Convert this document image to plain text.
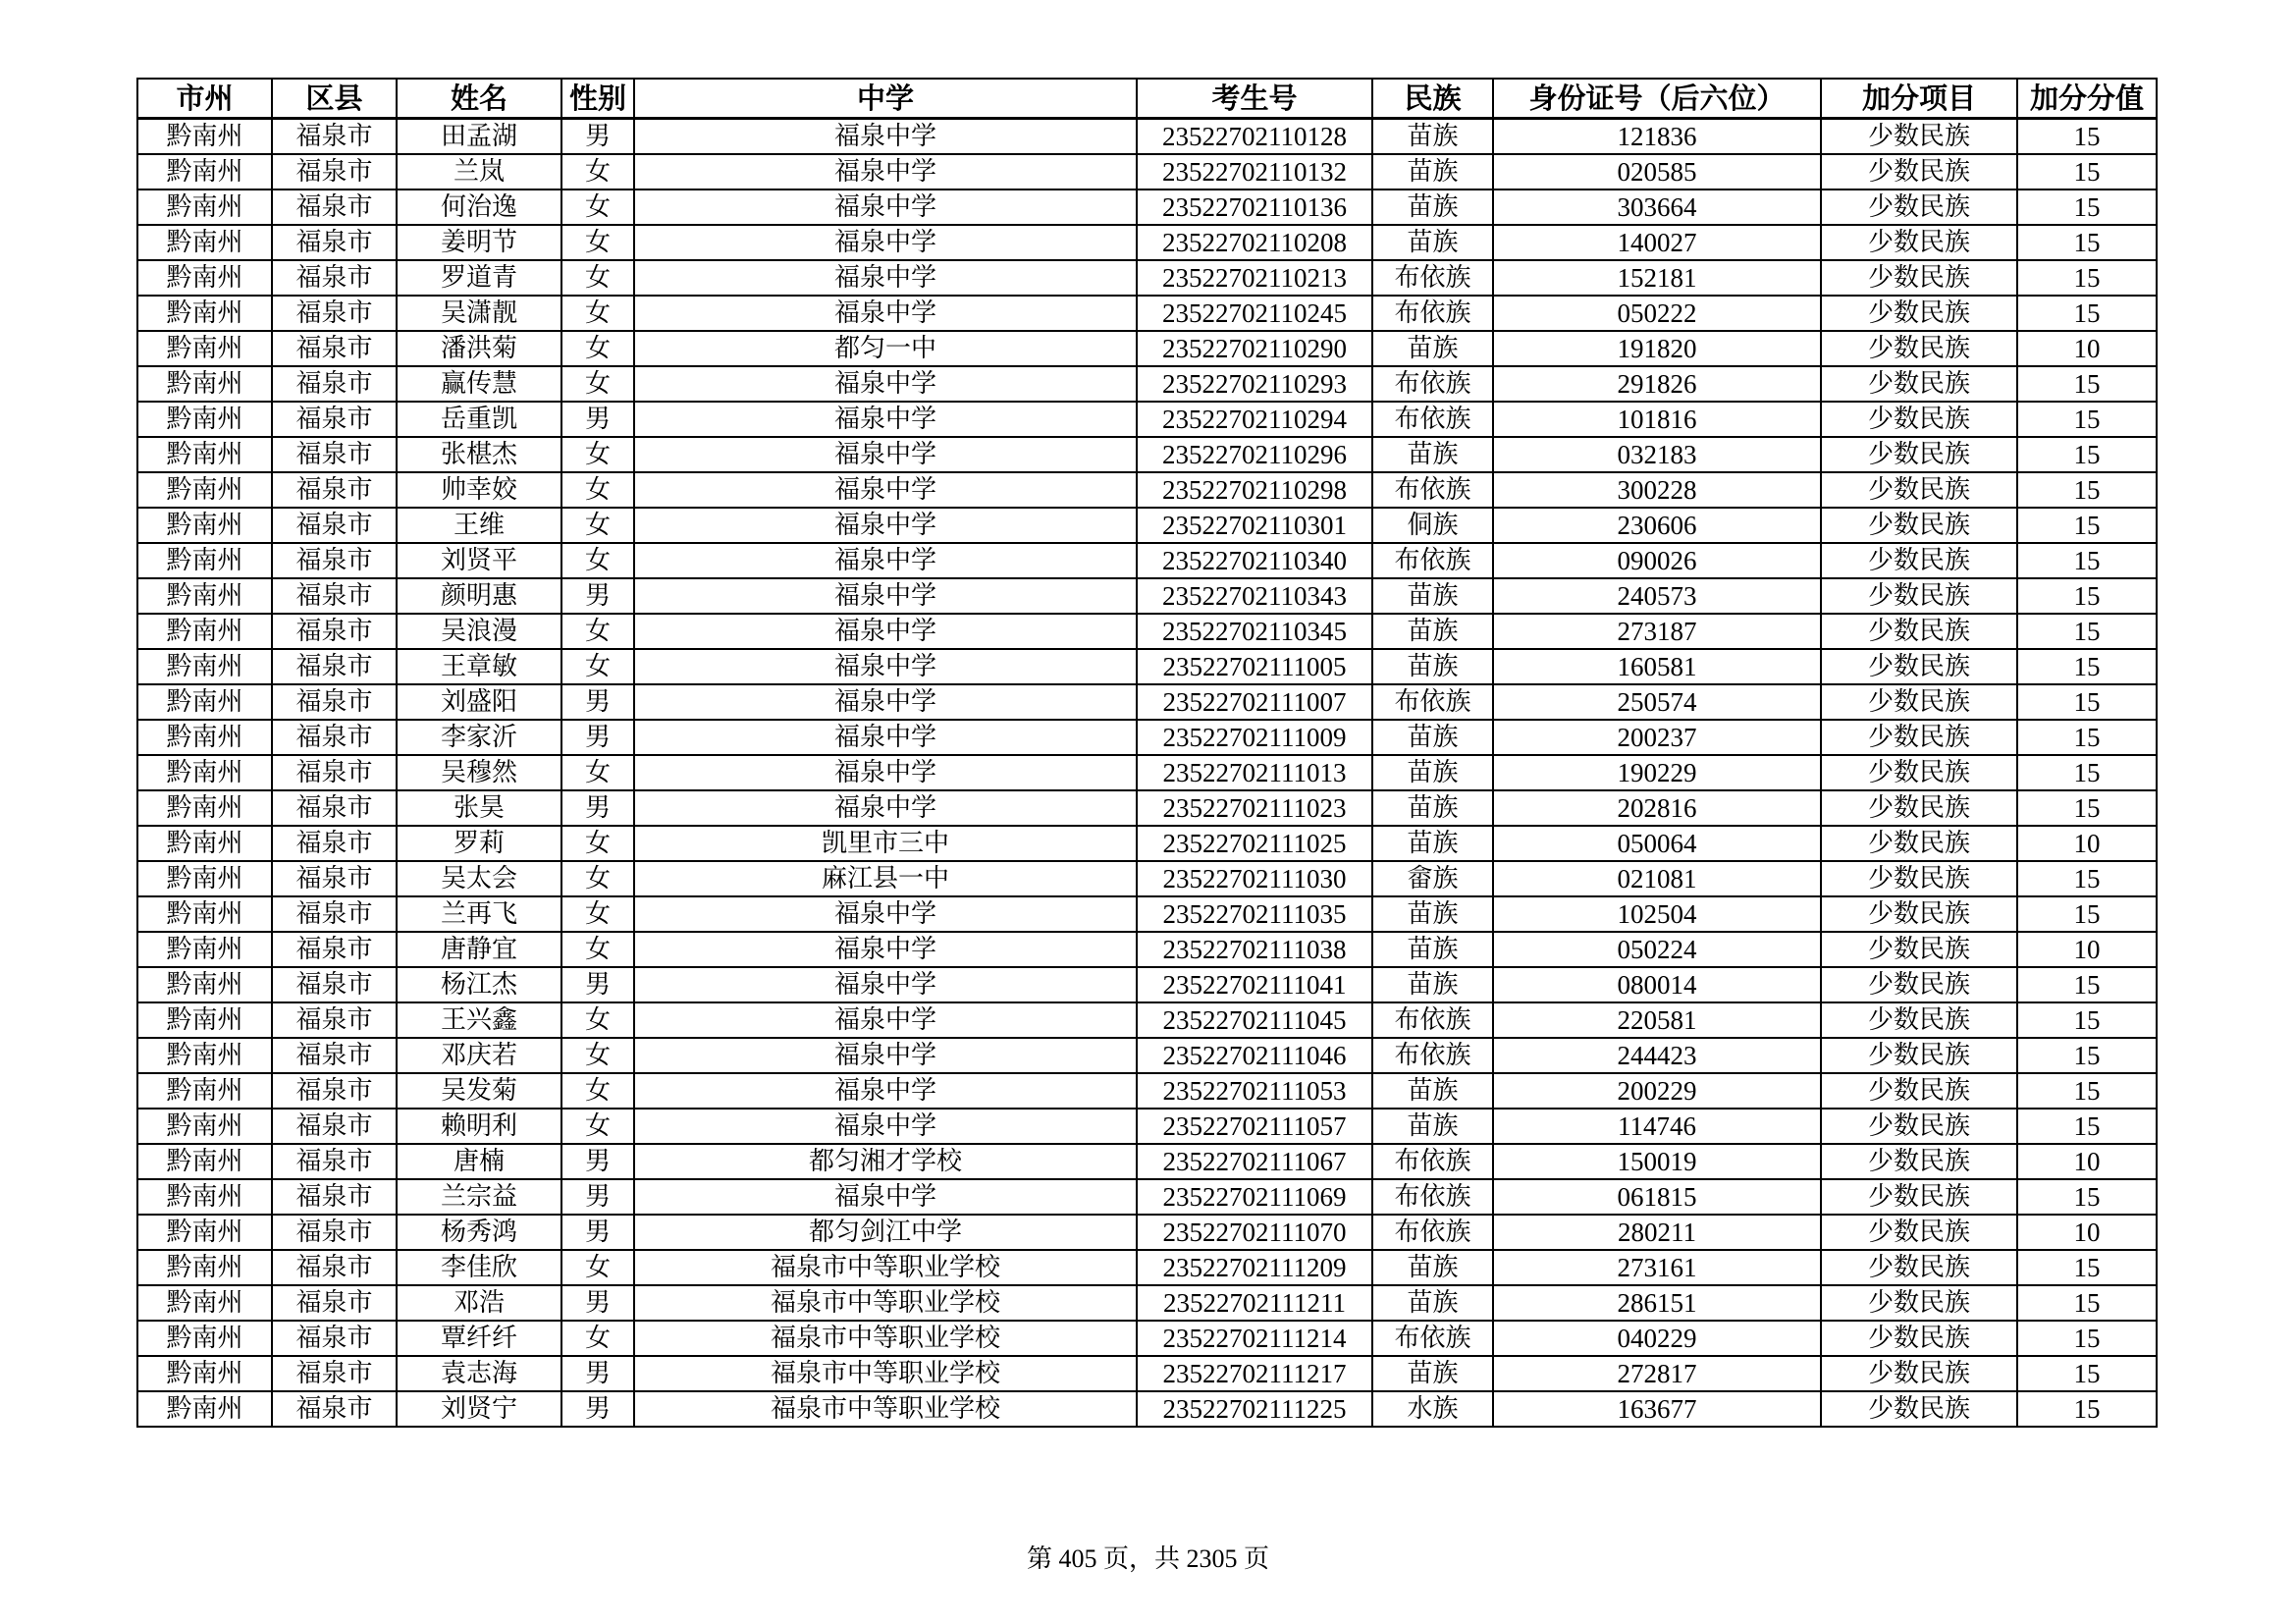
市州	区县	姓名	性别	中学	考生号	民族	身份证号（后六位）	加分项目	加分分值
黔南州	福泉市	田孟湖	男	福泉中学	23522702110128	苗族	121836	少数民族	15
黔南州	福泉市	兰岚	女	福泉中学	23522702110132	苗族	020585	少数民族	15
黔南州	福泉市	何治逸	女	福泉中学	23522702110136	苗族	303664	少数民族	15
黔南州	福泉市	姜明节	女	福泉中学	23522702110208	苗族	140027	少数民族	15
黔南州	福泉市	罗道青	女	福泉中学	23522702110213	布依族	152181	少数民族	15
黔南州	福泉市	吴潇靓	女	福泉中学	23522702110245	布依族	050222	少数民族	15
黔南州	福泉市	潘洪菊	女	都匀一中	23522702110290	苗族	191820	少数民族	10
黔南州	福泉市	赢传慧	女	福泉中学	23522702110293	布依族	291826	少数民族	15
黔南州	福泉市	岳重凯	男	福泉中学	23522702110294	布依族	101816	少数民族	15
黔南州	福泉市	张椹杰	女	福泉中学	23522702110296	苗族	032183	少数民族	15
黔南州	福泉市	帅幸姣	女	福泉中学	23522702110298	布依族	300228	少数民族	15
黔南州	福泉市	王维	女	福泉中学	23522702110301	侗族	230606	少数民族	15
黔南州	福泉市	刘贤平	女	福泉中学	23522702110340	布依族	090026	少数民族	15
黔南州	福泉市	颜明惠	男	福泉中学	23522702110343	苗族	240573	少数民族	15
黔南州	福泉市	吴浪漫	女	福泉中学	23522702110345	苗族	273187	少数民族	15
黔南州	福泉市	王章敏	女	福泉中学	23522702111005	苗族	160581	少数民族	15
黔南州	福泉市	刘盛阳	男	福泉中学	23522702111007	布依族	250574	少数民族	15
黔南州	福泉市	李家沂	男	福泉中学	23522702111009	苗族	200237	少数民族	15
黔南州	福泉市	吴穆然	女	福泉中学	23522702111013	苗族	190229	少数民族	15
黔南州	福泉市	张昊	男	福泉中学	23522702111023	苗族	202816	少数民族	15
黔南州	福泉市	罗莉	女	凯里市三中	23522702111025	苗族	050064	少数民族	10
黔南州	福泉市	吴太会	女	麻江县一中	23522702111030	畲族	021081	少数民族	15
黔南州	福泉市	兰再飞	女	福泉中学	23522702111035	苗族	102504	少数民族	15
黔南州	福泉市	唐静宜	女	福泉中学	23522702111038	苗族	050224	少数民族	10
黔南州	福泉市	杨江杰	男	福泉中学	23522702111041	苗族	080014	少数民族	15
黔南州	福泉市	王兴鑫	女	福泉中学	23522702111045	布依族	220581	少数民族	15
黔南州	福泉市	邓庆若	女	福泉中学	23522702111046	布依族	244423	少数民族	15
黔南州	福泉市	吴发菊	女	福泉中学	23522702111053	苗族	200229	少数民族	15
黔南州	福泉市	赖明利	女	福泉中学	23522702111057	苗族	114746	少数民族	15
黔南州	福泉市	唐楠	男	都匀湘才学校	23522702111067	布依族	150019	少数民族	10
黔南州	福泉市	兰宗益	男	福泉中学	23522702111069	布依族	061815	少数民族	15
黔南州	福泉市	杨秀鸿	男	都匀剑江中学	23522702111070	布依族	280211	少数民族	10
黔南州	福泉市	李佳欣	女	福泉市中等职业学校	23522702111209	苗族	273161	少数民族	15
黔南州	福泉市	邓浩	男	福泉市中等职业学校	23522702111211	苗族	286151	少数民族	15
黔南州	福泉市	覃纤纤	女	福泉市中等职业学校	23522702111214	布依族	040229	少数民族	15
黔南州	福泉市	袁志海	男	福泉市中等职业学校	23522702111217	苗族	272817	少数民族	15
黔南州	福泉市	刘贤宁	男	福泉市中等职业学校	23522702111225	水族	163677	少数民族	15
第 405 页，共 2305 页
